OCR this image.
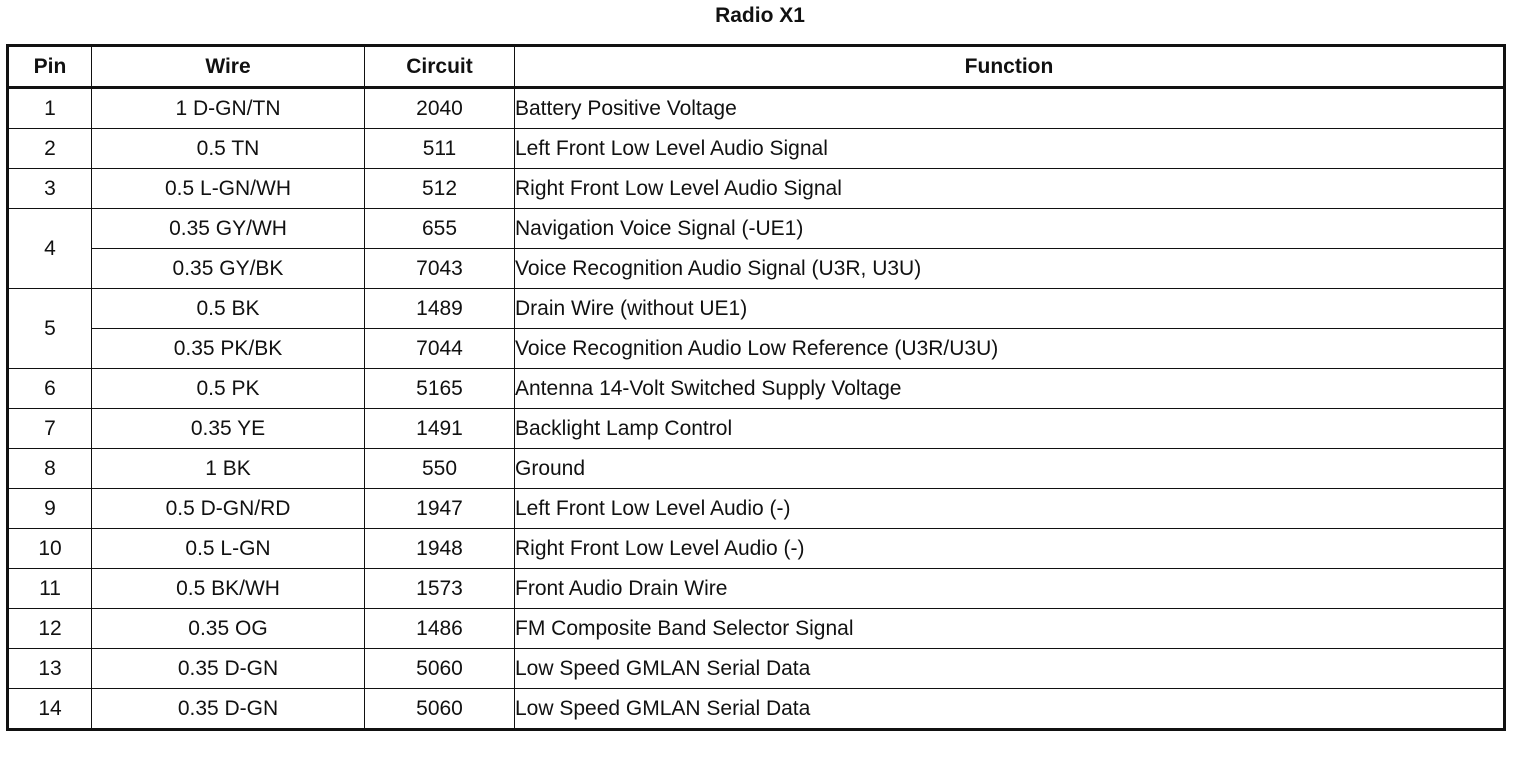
Radio X1
Pin	Wire	Circuit	Function
1	1 D-GN/TN	2040	Battery Positive Voltage
2	0.5 TN	511	Left Front Low Level Audio Signal
3	0.5 L-GN/WH	512	Right Front Low Level Audio Signal
4	0.35 GY/WH	655	Navigation Voice Signal (-UE1)
	0.35 GY/BK	7043	Voice Recognition Audio Signal (U3R, U3U)
5	0.5 BK	1489	Drain Wire (without UE1)
	0.35 PK/BK	7044	Voice Recognition Audio Low Reference (U3R/U3U)
6	0.5 PK	5165	Antenna 14-Volt Switched Supply Voltage
7	0.35 YE	1491	Backlight Lamp Control
8	1 BK	550	Ground
9	0.5 D-GN/RD	1947	Left Front Low Level Audio (-)
10	0.5 L-GN	1948	Right Front Low Level Audio (-)
11	0.5 BK/WH	1573	Front Audio Drain Wire
12	0.35 OG	1486	FM Composite Band Selector Signal
13	0.35 D-GN	5060	Low Speed GMLAN Serial Data
14	0.35 D-GN	5060	Low Speed GMLAN Serial Data
